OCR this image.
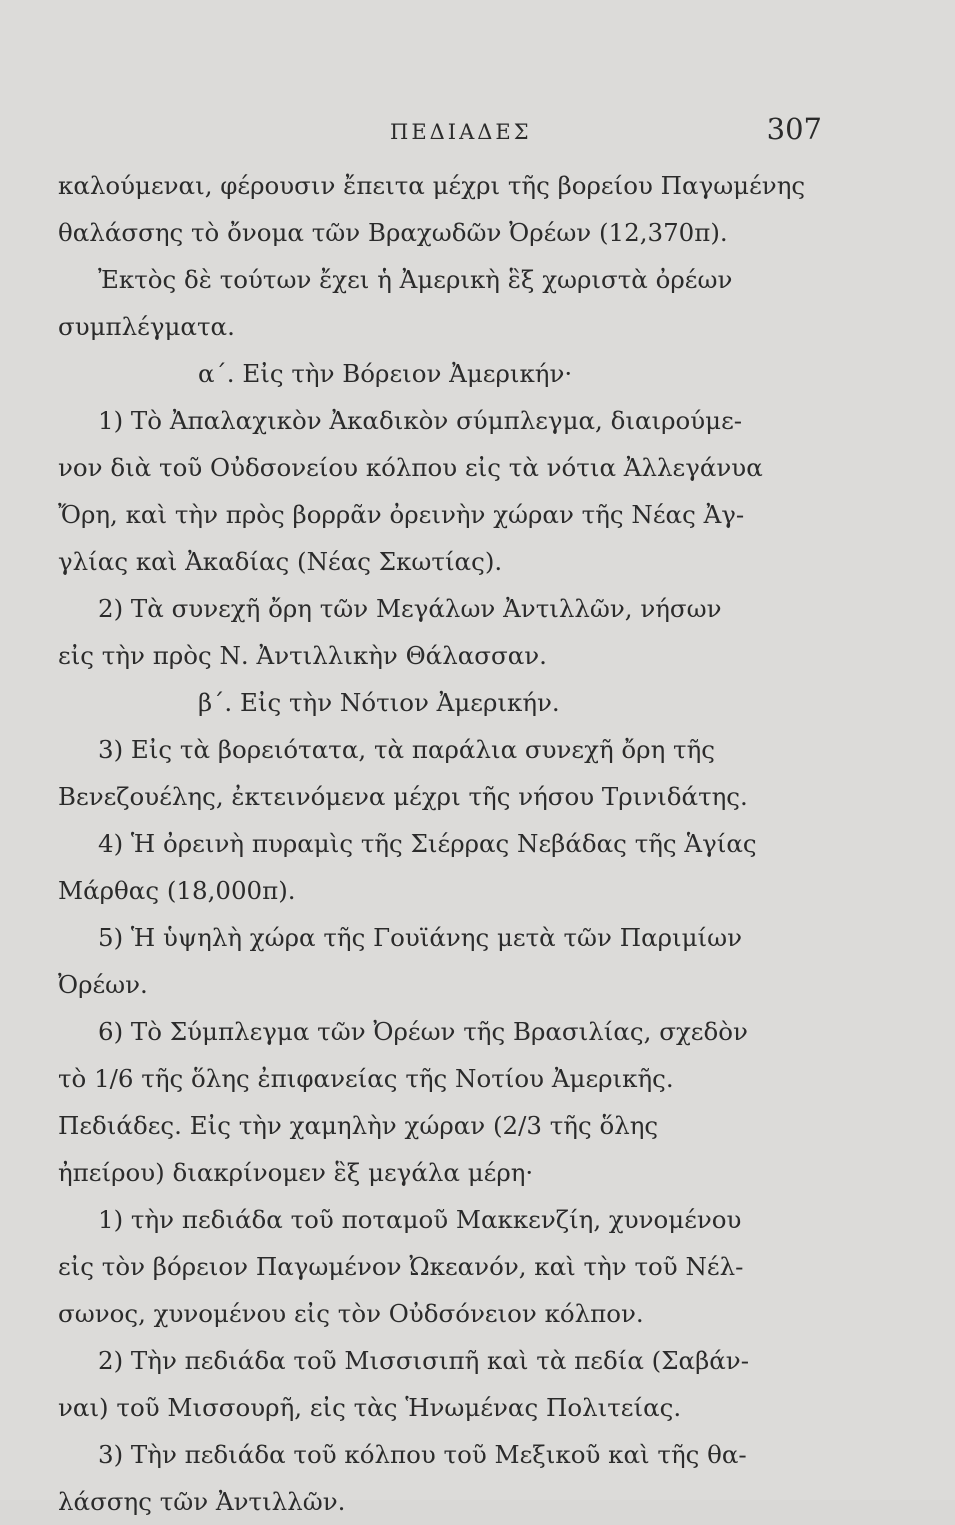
ΠΕΔΙΑΔΕΣ	307
καλούμεναι, φέρουσιν ἔπειτα μέχρι τῆς βορείου Παγωμένης
θαλάσσης τὸ ὄνομα τῶν Βραχωδῶν Ὀρέων (12,370π).
Ἐκτὸς δὲ τούτων ἔχει ἡ Ἀμερικὴ ἓξ χωριστὰ ὀρέων
συμπλέγματα.
α΄. Εἰς τὴν Βόρειον Ἀμερικήν·
1) Τὸ Ἀπαλαχικὸν Ἀκαδικὸν σύμπλεγμα, διαιρούμε-
νον διὰ τοῦ Οὐδσονείου κόλπου εἰς τὰ νότια Ἀλλεγάνυα
Ὄρη, καὶ τὴν πρὸς βορρᾶν ὀρεινὴν χώραν τῆς Νέας Ἀγ-
γλίας καὶ Ἀκαδίας (Νέας Σκωτίας).
2) Τὰ συνεχῆ ὄρη τῶν Μεγάλων Ἀντιλλῶν, νήσων
εἰς τὴν πρὸς Ν. Ἀντιλλικὴν Θάλασσαν.
β΄. Εἰς τὴν Νότιον Ἀμερικήν.
3) Εἰς τὰ βορειότατα, τὰ παράλια συνεχῆ ὄρη τῆς
Βενεζουέλης, ἐκτεινόμενα μέχρι τῆς νήσου Τρινιδάτης.
4) Ἡ ὀρεινὴ πυραμὶς τῆς Σιέρρας Νεβάδας τῆς Ἁγίας
Μάρθας (18,000π).
5) Ἡ ὑψηλὴ χώρα τῆς Γουϊάνης μετὰ τῶν Παριμίων
Ὀρέων.
6) Τὸ Σύμπλεγμα τῶν Ὀρέων τῆς Βρασιλίας, σχεδὸν
τὸ 1/6 τῆς ὅλης ἐπιφανείας τῆς Νοτίου Ἀμερικῆς.
Πεδιάδες. Εἰς τὴν χαμηλὴν χώραν (2/3 τῆς ὅλης
ἠπείρου) διακρίνομεν ἓξ μεγάλα μέρη·
1) τὴν πεδιάδα τοῦ ποταμοῦ Μακκενζίη, χυνομένου
εἰς τὸν βόρειον Παγωμένον Ὠκεανόν, καὶ τὴν τοῦ Νέλ-
σωνος, χυνομένου εἰς τὸν Οὐδσόνειον κόλπον.
2) Τὴν πεδιάδα τοῦ Μισσισιπῆ καὶ τὰ πεδία (Σαβάν-
ναι) τοῦ Μισσουρῆ, εἰς τὰς Ἡνωμένας Πολιτείας.
3) Τὴν πεδιάδα τοῦ κόλπου τοῦ Μεξικοῦ καὶ τῆς θα-
λάσσης τῶν Ἀντιλλῶν.
